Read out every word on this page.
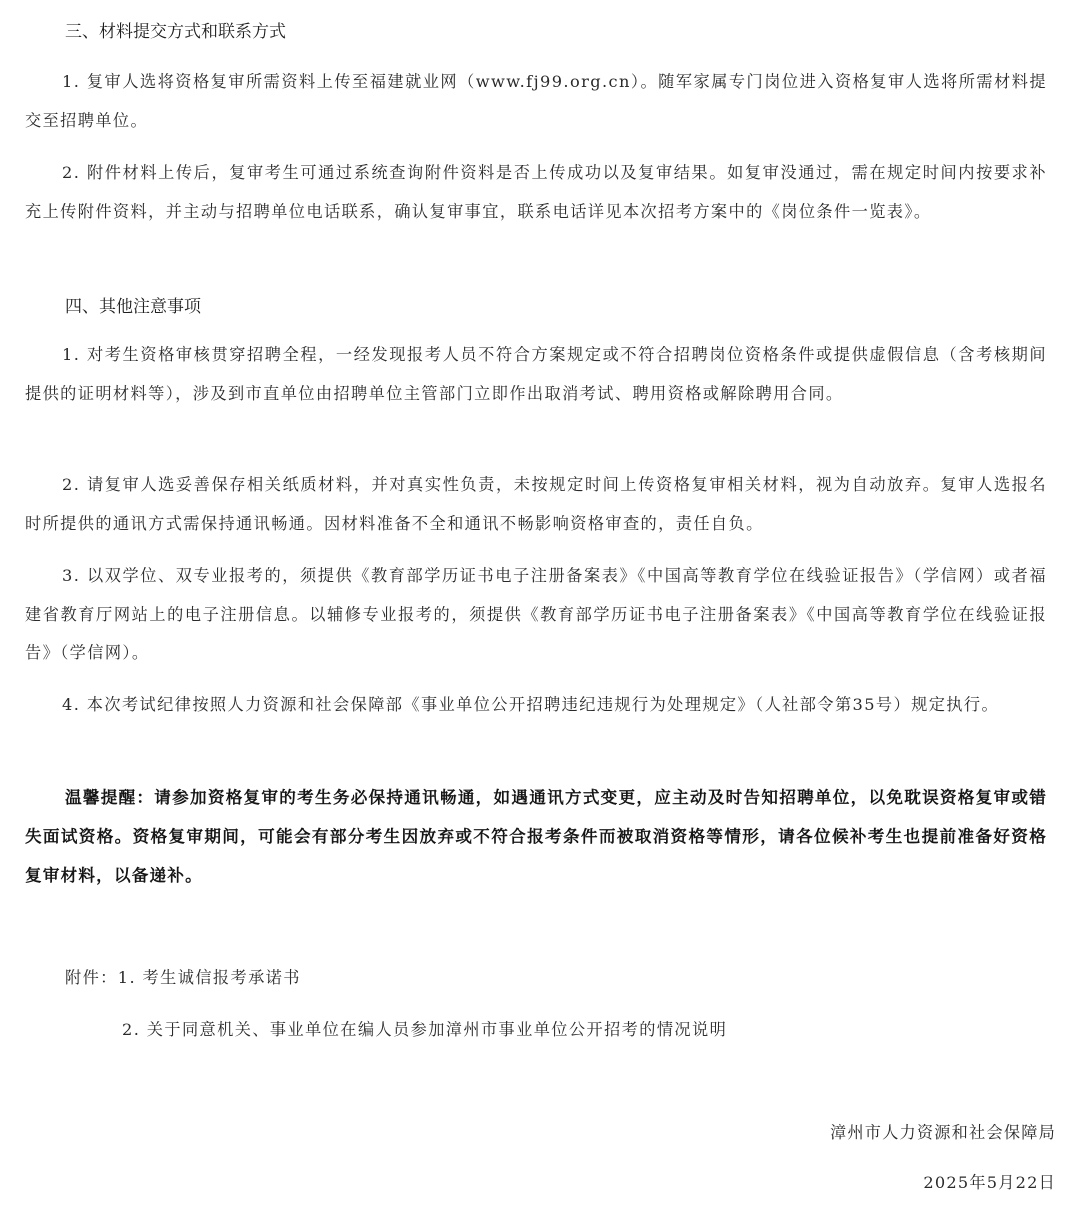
三、材料提交方式和联系方式

1. 复审人选将资格复审所需资料上传至福建就业网（www.fj99.org.cn）。随军家属专门岗位进入资格复审人选将所需材料提交至招聘单位。

2. 附件材料上传后，复审考生可通过系统查询附件资料是否上传成功以及复审结果。如复审没通过，需在规定时间内按要求补充上传附件资料，并主动与招聘单位电话联系，确认复审事宜，联系电话详见本次招考方案中的《岗位条件一览表》。

四、其他注意事项

1. 对考生资格审核贯穿招聘全程，一经发现报考人员不符合方案规定或不符合招聘岗位资格条件或提供虚假信息（含考核期间提供的证明材料等），涉及到市直单位由招聘单位主管部门立即作出取消考试、聘用资格或解除聘用合同。

2. 请复审人选妥善保存相关纸质材料，并对真实性负责，未按规定时间上传资格复审相关材料，视为自动放弃。复审人选报名时所提供的通讯方式需保持通讯畅通。因材料准备不全和通讯不畅影响资格审查的，责任自负。

3. 以双学位、双专业报考的，须提供《教育部学历证书电子注册备案表》《中国高等教育学位在线验证报告》（学信网）或者福建省教育厅网站上的电子注册信息。以辅修专业报考的，须提供《教育部学历证书电子注册备案表》《中国高等教育学位在线验证报告》（学信网）。

4. 本次考试纪律按照人力资源和社会保障部《事业单位公开招聘违纪违规行为处理规定》（人社部令第35号）规定执行。

温馨提醒：请参加资格复审的考生务必保持通讯畅通，如遇通讯方式变更，应主动及时告知招聘单位，以免耽误资格复审或错失面试资格。资格复审期间，可能会有部分考生因放弃或不符合报考条件而被取消资格等情形，请各位候补考生也提前准备好资格复审材料，以备递补。

附件：1. 考生诚信报考承诺书

2. 关于同意机关、事业单位在编人员参加漳州市事业单位公开招考的情况说明

漳州市人力资源和社会保障局

2025年5月22日
